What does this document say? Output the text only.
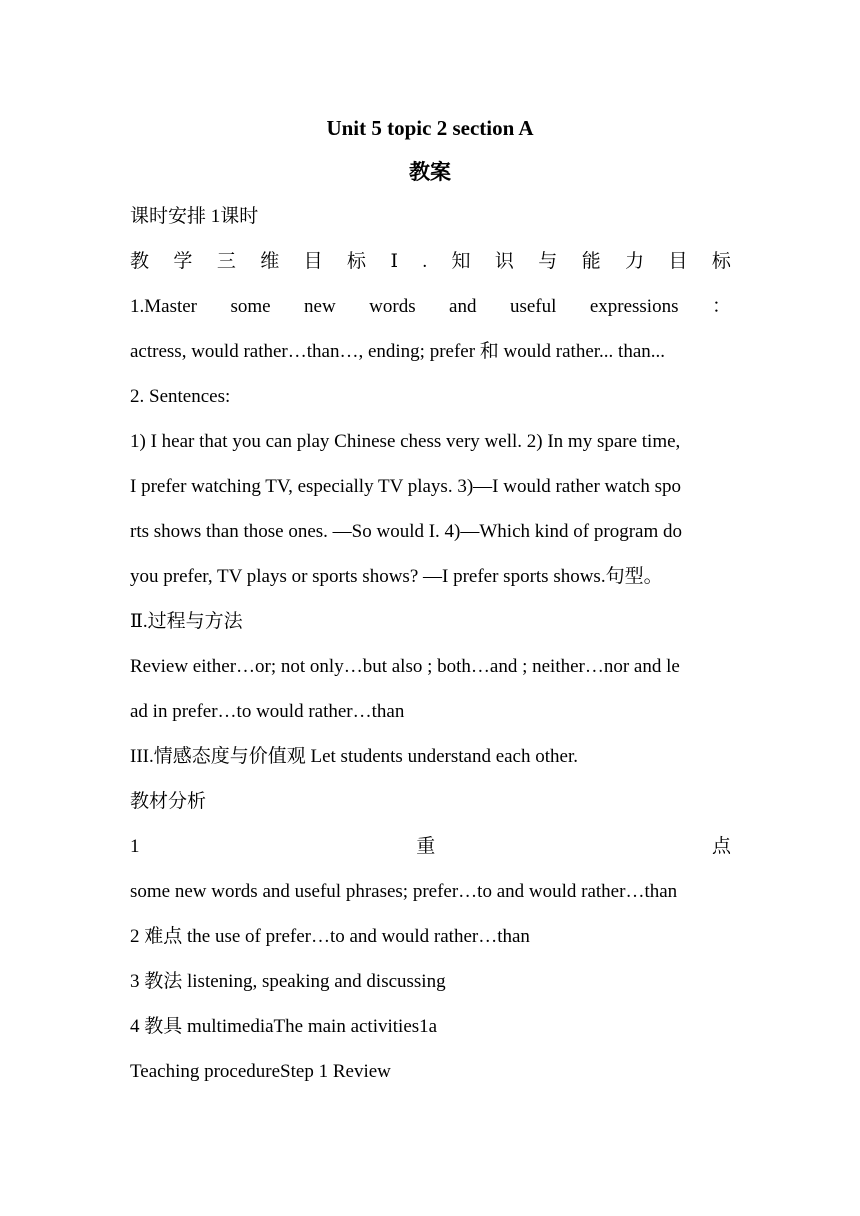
Unit 5 topic 2 section A
教案
课时安排 1课时
教 学 三 维 目 标 Ⅰ . 知 识 与 能 力 目 标
1.Master some new words and useful expressions ：
actress, would rather…than…, ending; prefer 和 would rather... than...
2. Sentences:
1) I hear that you can play Chinese chess very well. 2) In my spare time,
I prefer watching TV, especially TV plays. 3)—I would rather watch spo
rts shows than those ones. —So would I. 4)—Which kind of program do
you prefer, TV plays or sports shows? —I prefer sports shows.句型。
Ⅱ.过程与方法
Review either…or; not only…but also ; both…and ; neither…nor and le
ad in prefer…to would rather…than
III.情感态度与价值观 Let students understand each other.
教材分析
1	重	点
some new words and useful phrases; prefer…to and would rather…than
2 难点 the use of prefer…to and would rather…than
3 教法 listening, speaking and discussing
4 教具 multimediaThe main activities1a
Teaching procedureStep 1 Review
